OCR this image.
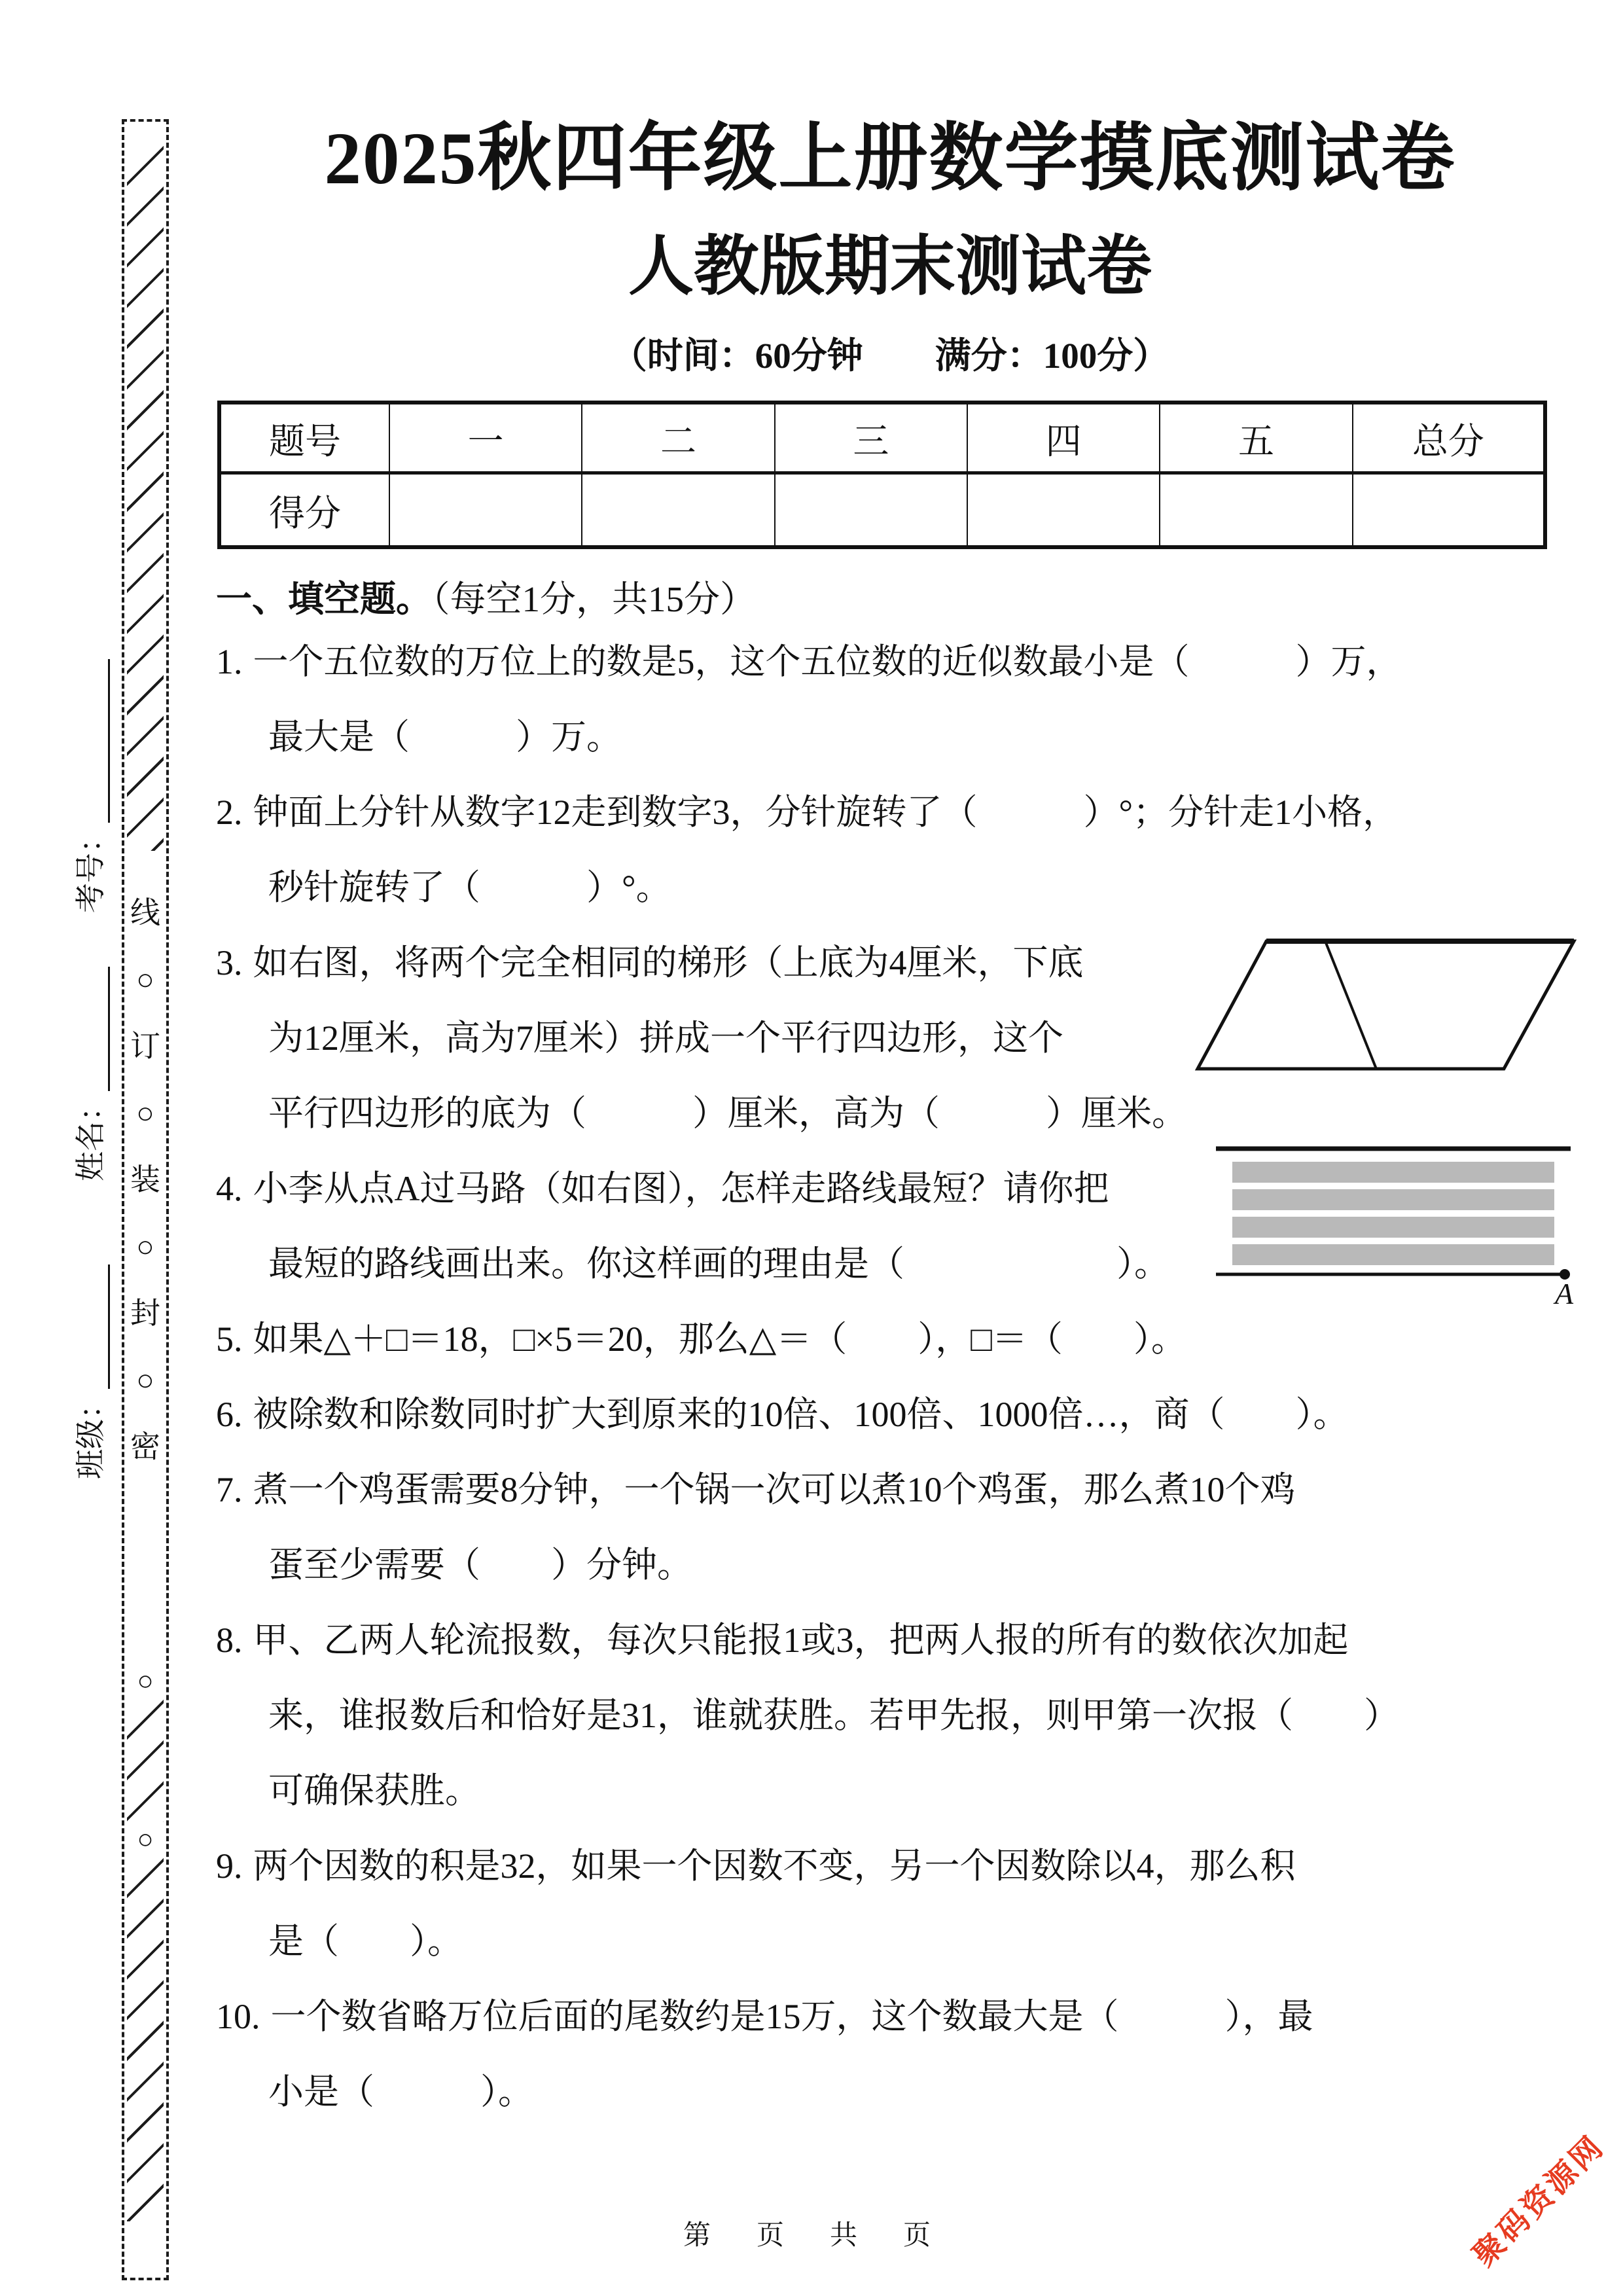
考号：
姓名：
班级：
线
○
订
○
装
○
封
○
密
○
○
2025秋四年级上册数学摸底测试卷
人教版期末测试卷
（时间：60分钟　　满分：100分）
题号	一	二	三	四	五	总分
得分						
一、填空题。（每空1分，共15分）
1. 一个五位数的万位上的数是5，这个五位数的近似数最小是（　　　）万，
最大是（　　　）万。
2. 钟面上分针从数字12走到数字3，分针旋转了（　　　）°；分针走1小格，
秒针旋转了（　　　）°。
3. 如右图，将两个完全相同的梯形（上底为4厘米，下底
为12厘米，高为7厘米）拼成一个平行四边形，这个
平行四边形的底为（　　　）厘米，高为（　　　）厘米。
4. 小李从点A过马路（如右图），怎样走路线最短？请你把
最短的路线画出来。你这样画的理由是（　　　　　　）。
5. 如果△＋□＝18，□×5＝20，那么△＝（　　），□＝（　　）。
6. 被除数和除数同时扩大到原来的10倍、100倍、1000倍…，商（　　）。
7. 煮一个鸡蛋需要8分钟，一个锅一次可以煮10个鸡蛋，那么煮10个鸡
蛋至少需要（　　）分钟。
8. 甲、乙两人轮流报数，每次只能报1或3，把两人报的所有的数依次加起
来，谁报数后和恰好是31，谁就获胜。若甲先报，则甲第一次报（　　）
可确保获胜。
9. 两个因数的积是32，如果一个因数不变，另一个因数除以4，那么积
是（　　）。
10. 一个数省略万位后面的尾数约是15万，这个数最大是（　　　），最
小是（　　　）。
A
第　页　共　页	聚码资源网
